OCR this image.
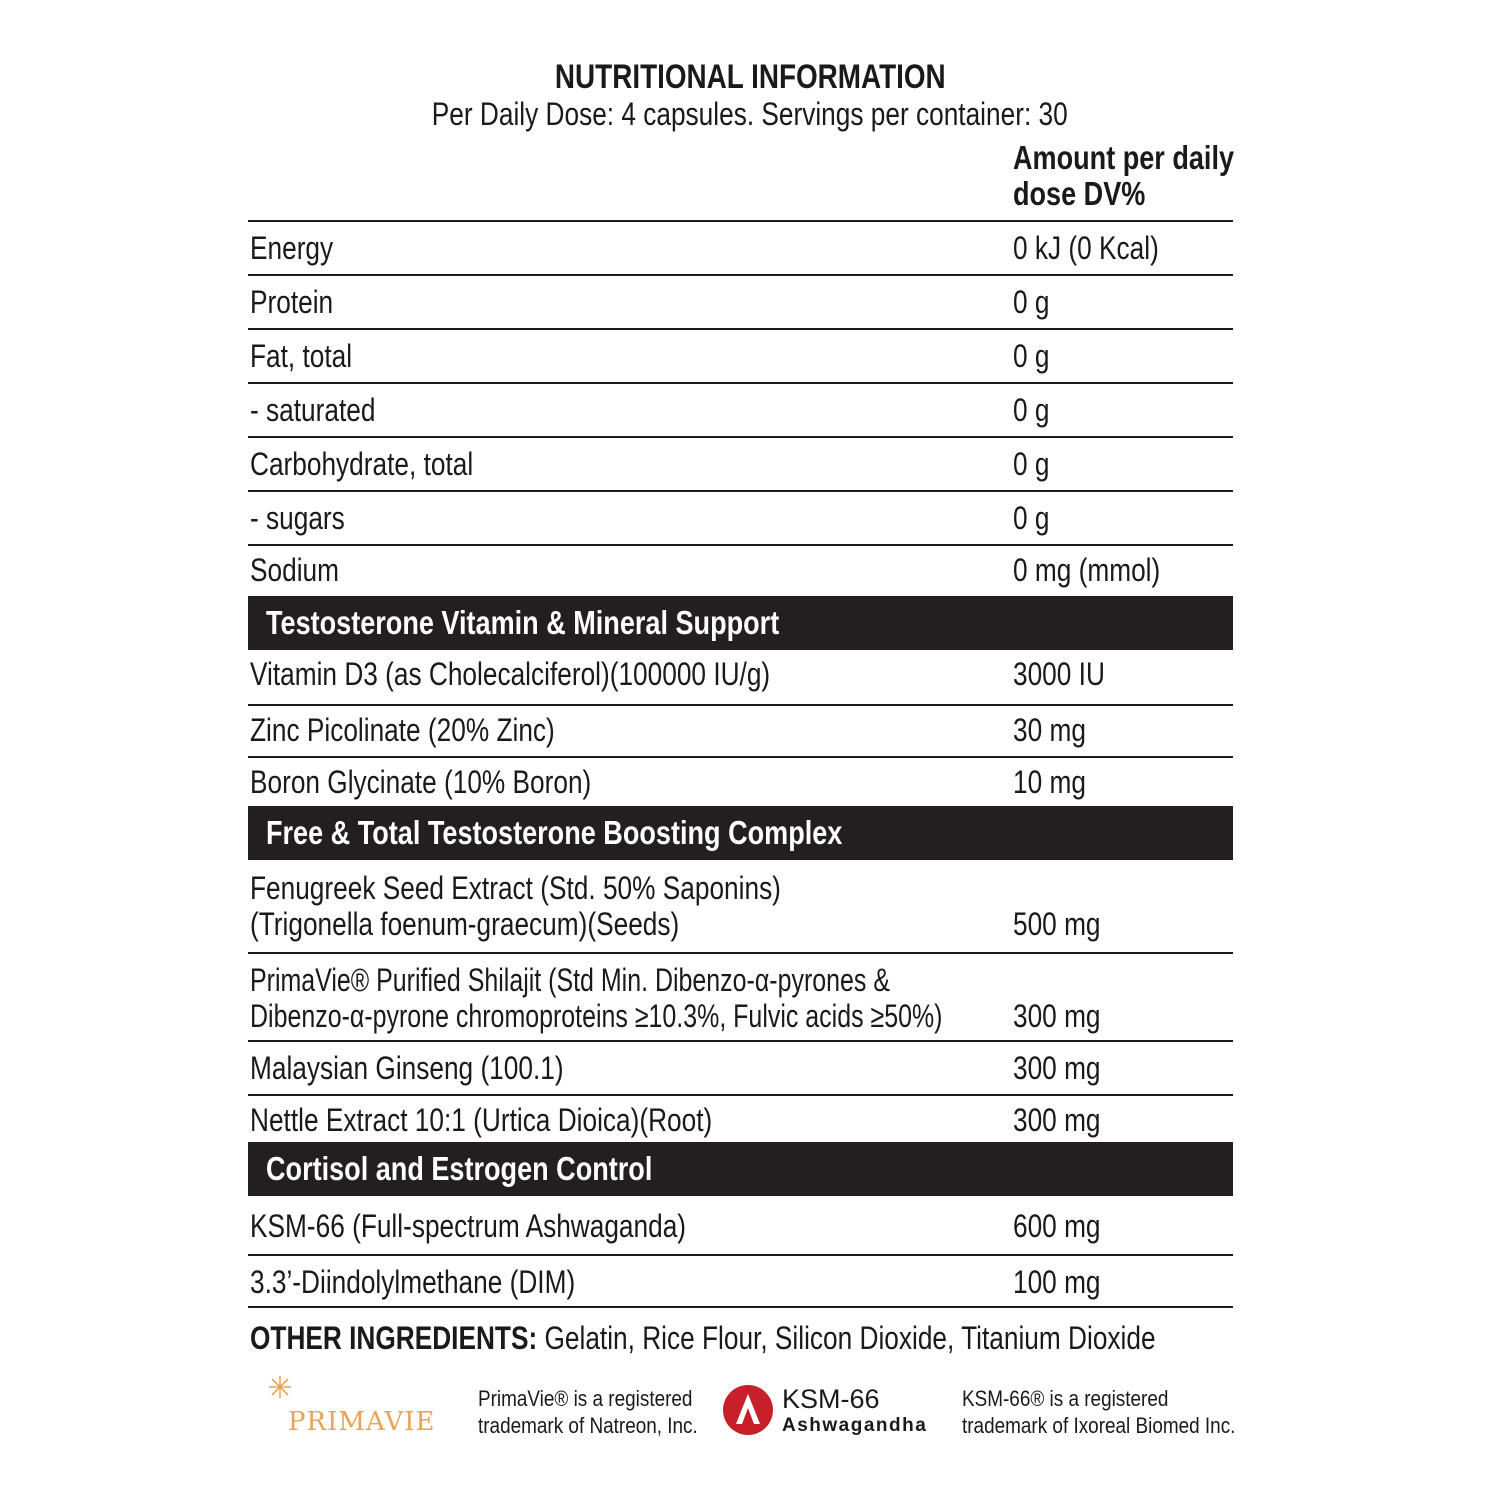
NUTRITIONAL INFORMATION
Per Daily Dose: 4 capsules. Servings per container: 30
Amount per daily
dose DV%
Energy	0 kJ (0 Kcal)
Protein	0 g
Fat, total	0 g
- saturated	0 g
Carbohydrate, total	0 g
- sugars	0 g
Sodium	0 mg (mmol)
Testosterone Vitamin & Mineral Support
Vitamin D3 (as Cholecalciferol)(100000 IU/g)	3000 IU
Zinc Picolinate (20% Zinc)	30 mg
Boron Glycinate (10% Boron)	10 mg
Free & Total Testosterone Boosting Complex
Fenugreek Seed Extract (Std. 50% Saponins)
(Trigonella foenum-graecum)(Seeds)	500 mg
PrimaVie® Purified Shilajit (Std Min. Dibenzo-α-pyrones &
Dibenzo-α-pyrone chromoproteins ≥10.3%, Fulvic acids ≥50%)	300 mg
Malaysian Ginseng (100.1)	300 mg
Nettle Extract 10:1 (Urtica Dioica)(Root)	300 mg
Cortisol and Estrogen Control
KSM-66 (Full-spectrum Ashwaganda)	600 mg
3.3’-Diindolylmethane (DIM)	100 mg
OTHER INGREDIENTS: Gelatin, Rice Flour, Silicon Dioxide, Titanium Dioxide
PRIMAVIE
PrimaVie® is a registered
trademark of Natreon, Inc.
KSM-66
Ashwagandha
KSM-66® is a registered
trademark of Ixoreal Biomed Inc.
